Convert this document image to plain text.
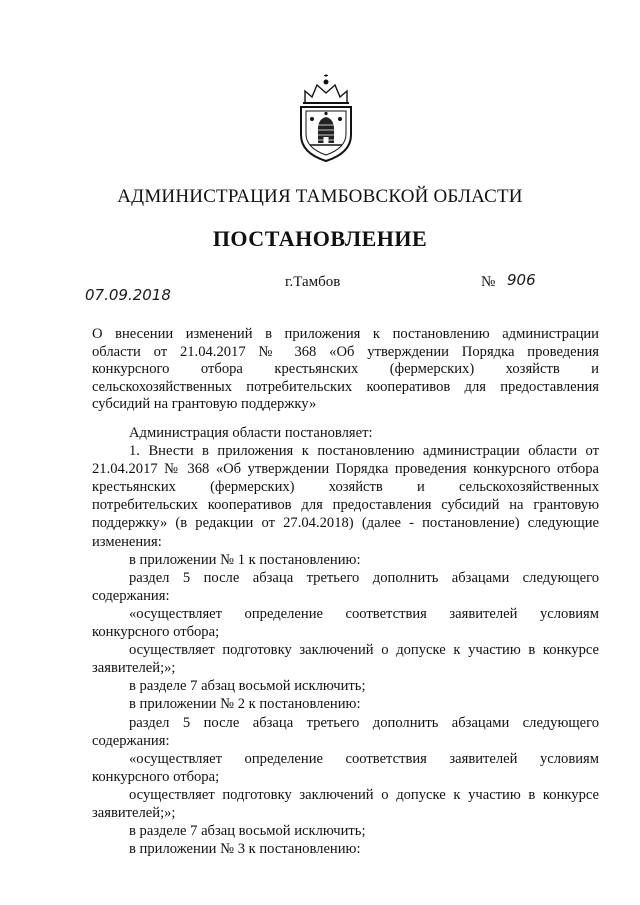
АДМИНИСТРАЦИЯ ТАМБОВСКОЙ ОБЛАСТИ
ПОСТАНОВЛЕНИЕ
г.Тамбов	№ 906
07.09.2018
О внесении изменений в приложения к постановлению администрации
области от 21.04.2017 № 368 «Об утверждении Порядка проведения
конкурсного отбора крестьянских (фермерских) хозяйств и
сельскохозяйственных потребительских кооперативов для предоставления
субсидий на грантовую поддержку»
Администрация области постановляет:
1. Внести в приложения к постановлению администрации области от
21.04.2017 № 368 «Об утверждении Порядка проведения конкурсного отбора
крестьянских (фермерских) хозяйств и сельскохозяйственных
потребительских кооперативов для предоставления субсидий на грантовую
поддержку» (в редакции от 27.04.2018) (далее - постановление) следующие
изменения:
в приложении № 1 к постановлению:
раздел 5 после абзаца третьего дополнить абзацами следующего
содержания:
«осуществляет определение соответствия заявителей условиям
конкурсного отбора;
осуществляет подготовку заключений о допуске к участию в конкурсе
заявителей;»;
в разделе 7 абзац восьмой исключить;
в приложении № 2 к постановлению:
раздел 5 после абзаца третьего дополнить абзацами следующего
содержания:
«осуществляет определение соответствия заявителей условиям
конкурсного отбора;
осуществляет подготовку заключений о допуске к участию в конкурсе
заявителей;»;
в разделе 7 абзац восьмой исключить;
в приложении № 3 к постановлению:
